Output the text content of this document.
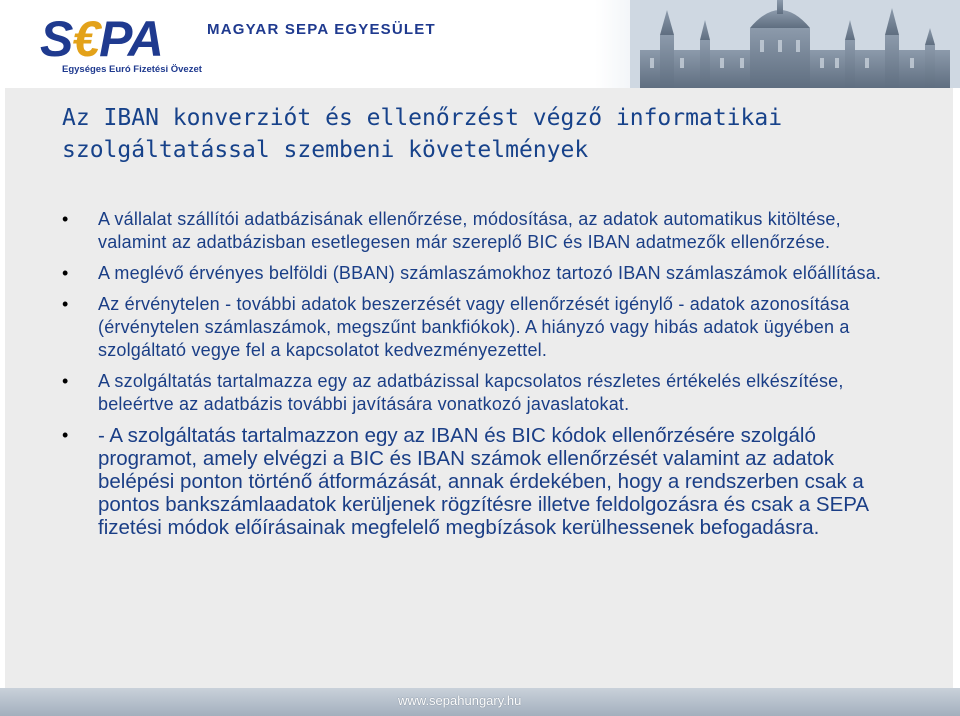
S€PA
Egységes Euró Fizetési Övezet
MAGYAR SEPA EGYESÜLET
Az IBAN konverziót és ellenőrzést végző informatikai szolgáltatással szembeni követelmények
• A vállalat szállítói adatbázisának ellenőrzése, módosítása, az adatok automatikus kitöltése, valamint az adatbázisban esetlegesen már szereplő BIC és IBAN adatmezők ellenőrzése.
• A meglévő érvényes belföldi (BBAN) számlaszámokhoz tartozó IBAN számlaszámok előállítása.
• Az érvénytelen - további adatok beszerzését vagy ellenőrzését igénylő - adatok azonosítása (érvénytelen számlaszámok, megszűnt bankfiókok). A hiányzó vagy hibás adatok ügyében a szolgáltató vegye fel a kapcsolatot kedvezményezettel.
• A szolgáltatás tartalmazza egy az adatbázissal kapcsolatos részletes értékelés elkészítése, beleértve az adatbázis további javítására vonatkozó javaslatokat.
• - A szolgáltatás tartalmazzon egy az IBAN és BIC kódok ellenőrzésére szolgáló programot, amely elvégzi a BIC és IBAN számok ellenőrzését valamint az adatok belépési ponton történő átformázását, annak érdekében, hogy a rendszerben csak a pontos bankszámlaadatok kerüljenek rögzítésre illetve feldolgozásra és csak a SEPA fizetési módok előírásainak megfelelő megbízások kerülhessenek befogadásra.
www.sepahungary.hu
